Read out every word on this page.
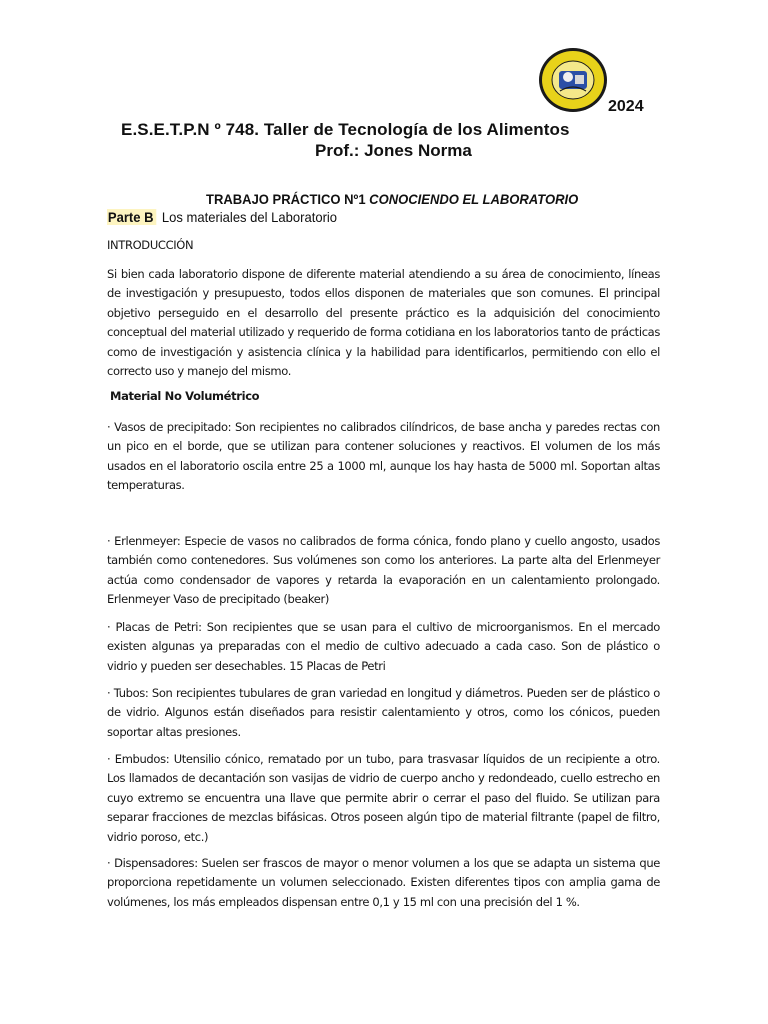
2024
E.S.E.T.P.N º 748. Taller de Tecnología de los Alimentos
Prof.: Jones Norma
TRABAJO PRÁCTICO Nº1 CONOCIENDO EL LABORATORIO
Parte B Los materiales del Laboratorio
INTRODUCCIÓN
Si bien cada laboratorio dispone de diferente material atendiendo a su área de conocimiento, líneas de investigación y presupuesto, todos ellos disponen de materiales que son comunes. El principal objetivo perseguido en el desarrollo del presente práctico es la adquisición del conocimiento conceptual del material utilizado y requerido de forma cotidiana en los laboratorios tanto de prácticas como de investigación y asistencia clínica y la habilidad para identificarlos, permitiendo con ello el correcto uso y manejo del mismo.
Material No Volumétrico
· Vasos de precipitado: Son recipientes no calibrados cilíndricos, de base ancha y paredes rectas con un pico en el borde, que se utilizan para contener soluciones y reactivos. El volumen de los más usados en el laboratorio oscila entre 25 a 1000 ml, aunque los hay hasta de 5000 ml. Soportan altas temperaturas.
· Erlenmeyer: Especie de vasos no calibrados de forma cónica, fondo plano y cuello angosto, usados también como contenedores. Sus volúmenes son como los anteriores. La parte alta del Erlenmeyer actúa como condensador de vapores y retarda la evaporación en un calentamiento prolongado. Erlenmeyer Vaso de precipitado (beaker)
· Placas de Petri: Son recipientes que se usan para el cultivo de microorganismos. En el mercado existen algunas ya preparadas con el medio de cultivo adecuado a cada caso. Son de plástico o vidrio y pueden ser desechables. 15 Placas de Petri
· Tubos: Son recipientes tubulares de gran variedad en longitud y diámetros. Pueden ser de plástico o de vidrio. Algunos están diseñados para resistir calentamiento y otros, como los cónicos, pueden soportar altas presiones.
· Embudos: Utensilio cónico, rematado por un tubo, para trasvasar líquidos de un recipiente a otro. Los llamados de decantación son vasijas de vidrio de cuerpo ancho y redondeado, cuello estrecho en cuyo extremo se encuentra una llave que permite abrir o cerrar el paso del fluido. Se utilizan para separar fracciones de mezclas bifásicas. Otros poseen algún tipo de material filtrante (papel de filtro, vidrio poroso, etc.)
· Dispensadores: Suelen ser frascos de mayor o menor volumen a los que se adapta un sistema que proporciona repetidamente un volumen seleccionado. Existen diferentes tipos con amplia gama de volúmenes, los más empleados dispensan entre 0,1 y 15 ml con una precisión del 1 %.
